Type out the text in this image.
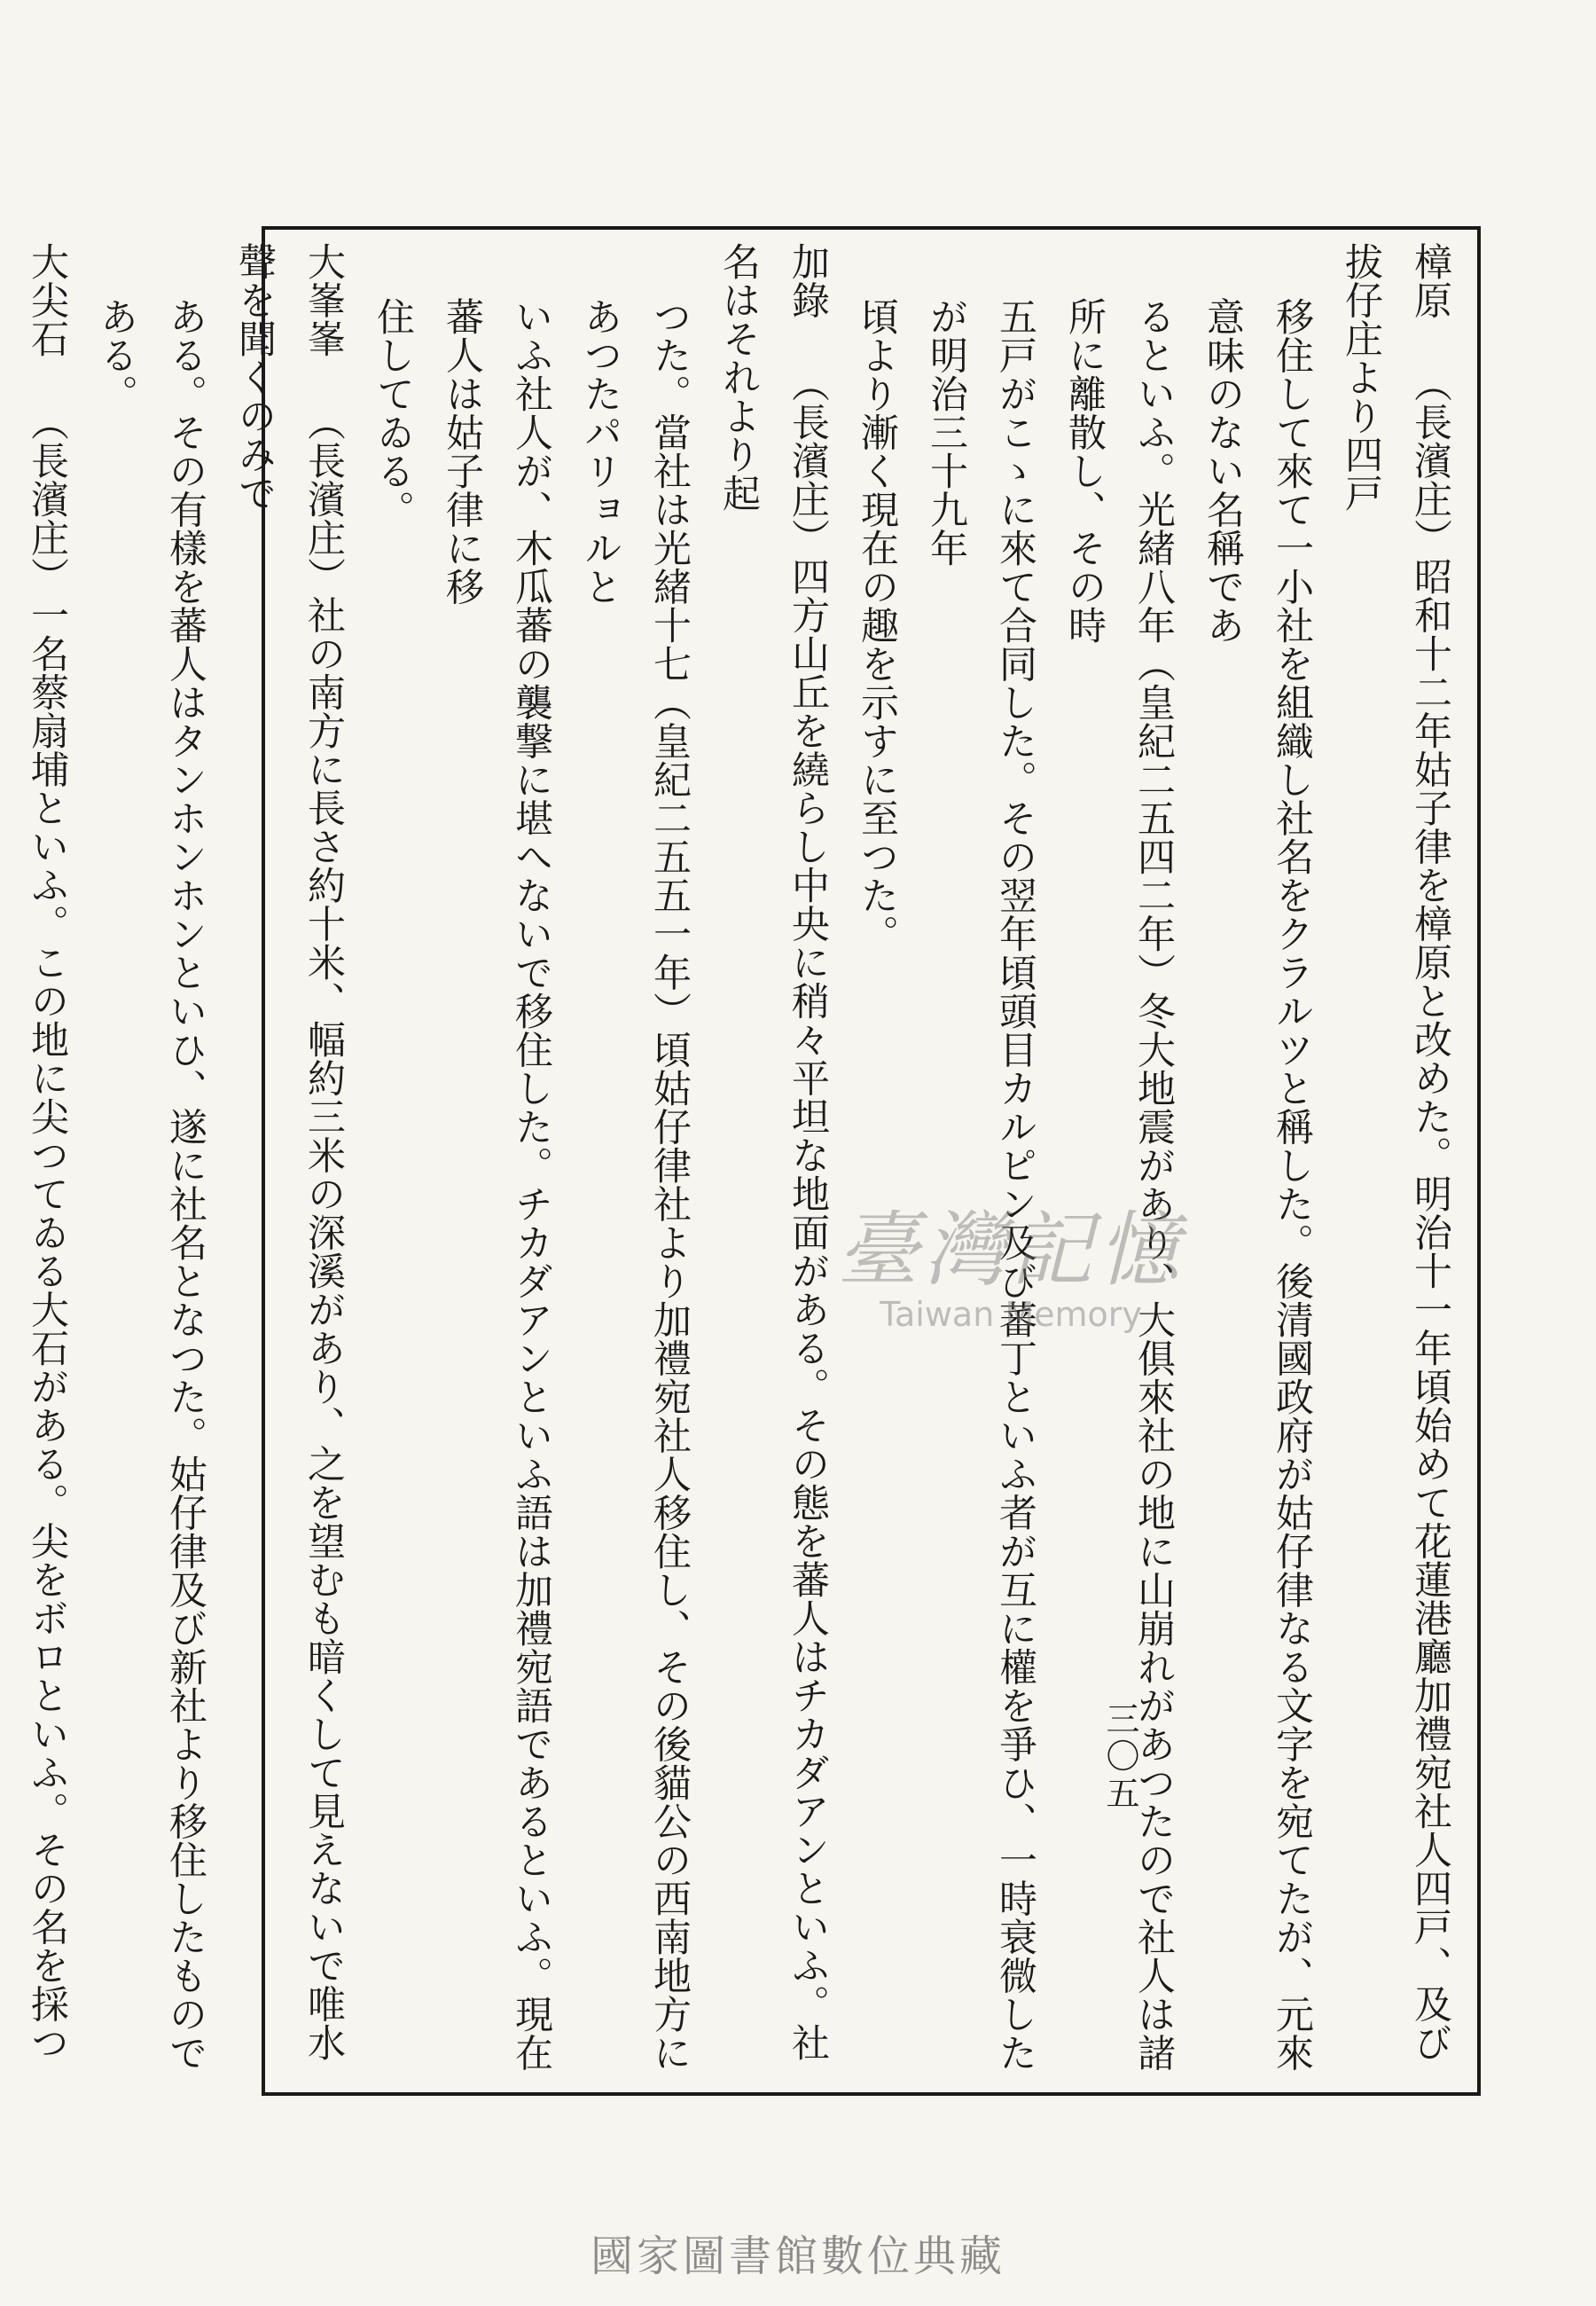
樟原 （長濱庄）昭和十二年姑子律を樟原と改めた。明治十一年頃始めて花蓮港廳加禮宛社人四戸、及び拔仔庄より四戸
移住して來て一小社を組織し社名をクラルツと稱した。後清國政府が姑仔律なる文字を宛てたが、元來意味のない名稱であ
るといふ。光緒八年（皇紀二五四二年）冬大地震があり、大俱來社の地に山崩れがあつたので社人は諸所に離散し、その時
五戸がこゝに來て合同した。その翌年頃頭目カルピン及び蕃丁といふ者が互に權を爭ひ、一時衰微したが明治三十九年
頃より漸く現在の趣を示すに至つた。
加錄 （長濱庄）四方山丘を繞らし中央に稍々平坦な地面がある。その態を蕃人はチカダアンといふ。社名はそれより起
つた。當社は光緒十七（皇紀二五五一年）頃姑仔律社より加禮宛社人移住し、その後貓公の西南地方にあつたパリョルと
いふ社人が、木瓜蕃の襲撃に堪へないで移住した。チカダアンといふ語は加禮宛語であるといふ。現在蕃人は姑子律に移
住してゐる。
大峯峯 （長濱庄）社の南方に長さ約十米、幅約三米の深溪があり、之を望むも暗くして見えないで唯水聲を聞くのみで
ある。その有樣を蕃人はタンホンホンといひ、遂に社名となつた。姑仔律及び新社より移住したものである。
大尖石 （長濱庄）一名蔡扇埔といふ。この地に尖つてゐる大石がある。尖をボロといふ。その名を採つ
三〇五
臺灣記憶
Taiwan Memory
國家圖書館數位典藏
